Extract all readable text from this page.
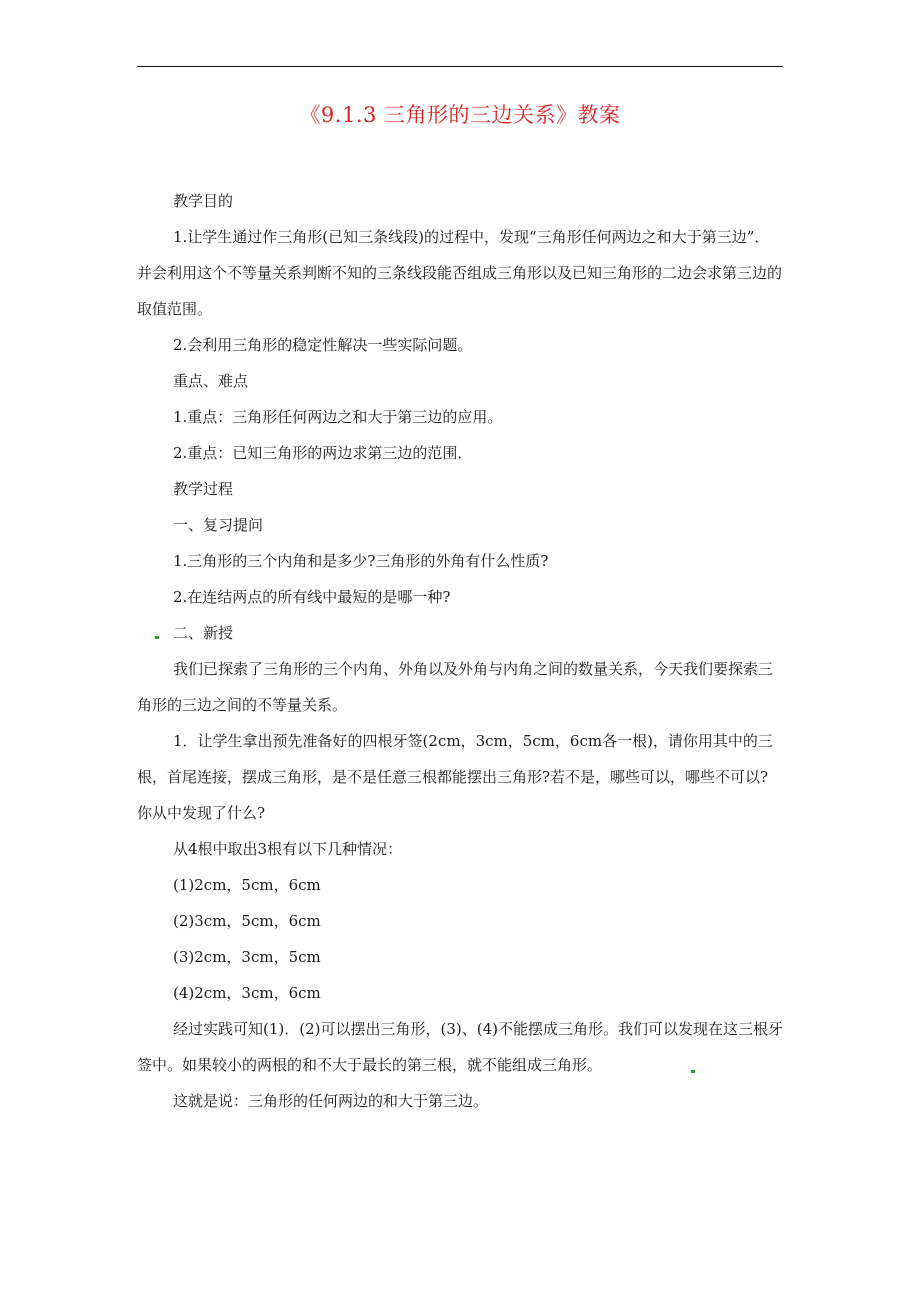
《9.1.3 三角形的三边关系》教案

教学目的

1.让学生通过作三角形(已知三条线段)的过程中，发现“三角形任何两边之和大于第三边”．并会利用这个不等量关系判断不知的三条线段能否组成三角形以及已知三角形的二边会求第三边的取值范围。

2.会利用三角形的稳定性解决一些实际问题。

重点、难点

1.重点：三角形任何两边之和大于第三边的应用。

2.重点：已知三角形的两边求第三边的范围．

教学过程

一、复习提问

1.三角形的三个内角和是多少?三角形的外角有什么性质?

2.在连结两点的所有线中最短的是哪一种?

二、新授

我们已探索了三角形的三个内角、外角以及外角与内角之间的数量关系，今天我们要探索三角形的三边之间的不等量关系。

1．让学生拿出预先准备好的四根牙签(2cm，3cm，5cm，6cm各一根)，请你用其中的三根，首尾连接，摆成三角形，是不是任意三根都能摆出三角形?若不是，哪些可以，哪些不可以?你从中发现了什么?

从4根中取出3根有以下几种情况：

(1)2cm，5cm，6cm

(2)3cm，5cm，6cm

(3)2cm，3cm，5cm

(4)2cm，3cm，6cm

经过实践可知(1)．(2)可以摆出三角形，(3)、(4)不能摆成三角形。我们可以发现在这三根牙签中。如果较小的两根的和不大于最长的第三根，就不能组成三角形。

这就是说：三角形的任何两边的和大于第三边。
